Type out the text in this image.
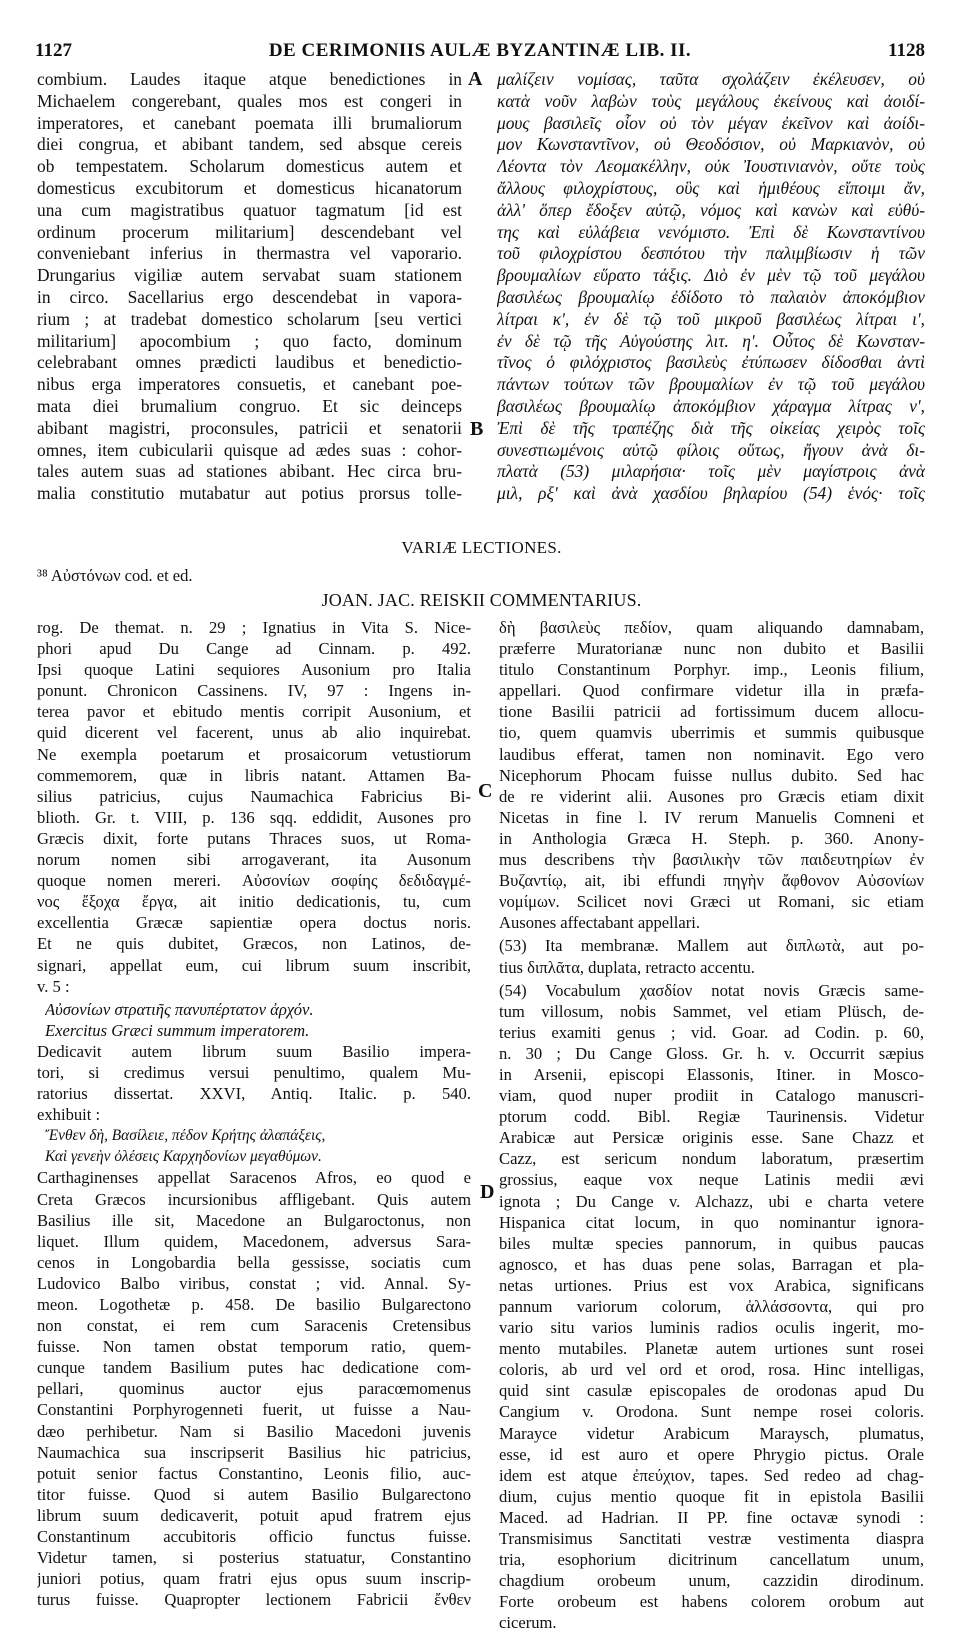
1127	DE CERIMONIIS AULÆ BYZANTINÆ LIB. II.	1128
combium. Laudes itaque atque benedictiones in
Michaelem congerebant, quales mos est congeri in
imperatores, et canebant poemata illi brumaliorum
diei congrua, et abibant tandem, sed absque cereis
ob tempestatem. Scholarum domesticus autem et
domesticus excubitorum et domesticus hicanatorum
una cum magistratibus quatuor tagmatum [id est
ordinum procerum militarium] descendebant vel
conveniebant inferius in thermastra vel vaporario.
Drungarius vigiliæ autem servabat suam stationem
in circo. Sacellarius ergo descendebat in vapora-
rium ; at tradebat domestico scholarum [seu vertici
militarium] apocombium ; quo facto, dominum
celebrabant omnes prædicti laudibus et benedictio-
nibus erga imperatores consuetis, et canebant poe-
mata diei brumalium congruo. Et sic deinceps
abibant magistri, proconsules, patricii et senatorii
omnes, item cubicularii quisque ad ædes suas : cohor-
tales autem suas ad stationes abibant. Hec circa bru-
malia constitutio mutabatur aut potius prorsus tolle-
μαλίζειν νομίσας, ταῦτα σχολάζειν ἐκέλευσεν, οὐ
κατὰ νοῦν λαβὼν τοὺς μεγάλους ἐκείνους καὶ ἀοιδί-
μους βασιλεῖς οἷον οὐ τὸν μέγαν ἐκεῖνον καὶ ἀοίδι-
μον Κωνσταντῖνον, οὐ Θεοδόσιον, οὐ Μαρκιανὸν, οὐ
Λέοντα τὸν Λεομακέλλην, οὐκ Ἰουστινιανὸν, οὔτε τοὺς
ἄλλους φιλοχρίστους, οὓς καὶ ἡμιθέους εἴποιμι ἄν,
ἀλλ' ὅπερ ἔδοξεν αὐτῷ, νόμος καὶ κανὼν καὶ εὐθύ-
της καὶ εὐλάβεια νενόμιστο. Ἐπὶ δὲ Κωνσταντίνου
τοῦ φιλοχρίστου δεσπότου τὴν παλιμβίωσιν ἡ τῶν
βρουμαλίων εὕρατο τάξις. Διὸ ἐν μὲν τῷ τοῦ μεγάλου
βασιλέως βρουμαλίῳ ἐδίδοτο τὸ παλαιὸν ἀποκόμβιον
λίτραι κʹ, ἐν δὲ τῷ τοῦ μικροῦ βασιλέως λίτραι ιʹ,
ἐν δὲ τῷ τῆς Αὐγούστης λιτ. ηʹ. Οὗτος δὲ Κωνσταν-
τῖνος ὁ φιλόχριστος βασιλεὺς ἐτύπωσεν δίδοσθαι ἀντὶ
πάντων τούτων τῶν βρουμαλίων ἐν τῷ τοῦ μεγάλου
βασιλέως βρουμαλίῳ ἀποκόμβιον χάραγμα λίτρας νʹ,
Ἐπὶ δὲ τῆς τραπέζης διὰ τῆς οἰκείας χειρὸς τοῖς
συνεστιωμένοις αὐτῷ φίλοις οὕτως, ἤγουν ἀνὰ δι-
πλατὰ (53) μιλαρήσια· τοῖς μὲν μαγίστροις ἀνὰ
μιλ, ρξʹ καὶ ἀνὰ χασδίου βηλαρίου (54) ἑνός· τοῖς
A
B
C
D
VARIÆ LECTIONES.
³⁸ Αὐστόνων cod. et ed.
JOAN. JAC. REISKII COMMENTARIUS.
rog. De themat. n. 29 ; Ignatius in Vita S. Nice-
phori apud Du Cange ad Cinnam. p. 492.
Ipsi quoque Latini sequiores Ausonium pro Italia
ponunt. Chronicon Cassinens. IV, 97 : Ingens in-
terea pavor et ebitudo mentis corripit Ausonium, et
quid dicerent vel facerent, unus ab alio inquirebat.
Ne exempla poetarum et prosaicorum vetustiorum
commemorem, quæ in libris natant. Attamen Ba-
silius patricius, cujus Naumachica Fabricius Bi-
blioth. Gr. t. VIII, p. 136 sqq. eddidit, Ausones pro
Græcis dixit, forte putans Thraces suos, ut Roma-
norum nomen sibi arrogaverant, ita Ausonum
quoque nomen mereri. Αὐσονίων σοφίης δεδιδαγμέ-
νος ἔξοχα ἔργα, ait initio dedicationis, tu, cum
excellentia Græcæ sapientiæ opera doctus noris.
Et ne quis dubitet, Græcos, non Latinos, de-
signari, appellat eum, cui librum suum inscribit,
v. 5 :
Αὐσονίων στρατιῆς πανυπέρτατον ἀρχόν.
Exercitus Græci summum imperatorem.
Dedicavit autem librum suum Basilio impera-
tori, si credimus versui penultimo, qualem Mu-
ratorius dissertat. XXVI, Antiq. Italic. p. 540.
exhibuit :
Ἔνθεν δὴ, Βασίλειε, πέδον Κρήτης ἀλαπάξεις,
Καὶ γενεὴν ὀλέσεις Καρχηδονίων μεγαθύμων.
Carthaginenses appellat Saracenos Afros, eo quod e
Creta Græcos incursionibus affligebant. Quis autem
Basilius ille sit, Macedone an Bulgaroctonus, non
liquet. Illum quidem, Macedonem, adversus Sara-
cenos in Longobardia bella gessisse, sociatis cum
Ludovico Balbo viribus, constat ; vid. Annal. Sy-
meon. Logothetæ p. 458. De basilio Bulgarectono
non constat, ei rem cum Saracenis Cretensibus
fuisse. Non tamen obstat temporum ratio, quem-
cunque tandem Basilium putes hac dedicatione com-
pellari, quominus auctor ejus paracœmomenus
Constantini Porphyrogenneti fuerit, ut fuisse a Nau-
dæo perhibetur. Nam si Basilio Macedoni juvenis
Naumachica sua inscripserit Basilius hic patricius,
potuit senior factus Constantino, Leonis filio, auc-
titor fuisse. Quod si autem Basilio Bulgarectono
librum suum dedicaverit, potuit apud fratrem ejus
Constantinum accubitoris officio functus fuisse.
Videtur tamen, si posterius statuatur, Constantino
juniori potius, quam fratri ejus opus suum inscrip-
turus fuisse. Quapropter lectionem Fabricii ἔνθεν
δὴ βασιλεὺς πεδίον, quam aliquando damnabam,
præferre Muratorianæ nunc non dubito et Basilii
titulo Constantinum Porphyr. imp., Leonis filium,
appellari. Quod confirmare videtur illa in præfa-
tione Basilii patricii ad fortissimum ducem allocu-
tio, quem quamvis uberrimis et summis quibusque
laudibus efferat, tamen non nominavit. Ego vero
Nicephorum Phocam fuisse nullus dubito. Sed hac
de re viderint alii. Ausones pro Græcis etiam dixit
Nicetas in fine l. IV rerum Manuelis Comneni et
in Anthologia Græca H. Steph. p. 360. Anony-
mus describens τὴν βασιλικὴν τῶν παιδευτηρίων ἐν
Βυζαντίῳ, ait, ibi effundi πηγὴν ἄφθονον Αὐσονίων
νομίμων. Scilicet novi Græci ut Romani, sic etiam
Ausones affectabant appellari.
(53) Ita membranæ. Mallem aut διπλωτὰ, aut po-
tius διπλᾶτα, duplata, retracto accentu.
(54) Vocabulum χασδίον notat novis Græcis same-
tum villosum, nobis Sammet, vel etiam Plüsch, de-
terius examiti genus ; vid. Goar. ad Codin. p. 60,
n. 30 ; Du Cange Gloss. Gr. h. v. Occurrit sæpius
in Arsenii, episcopi Elassonis, Itiner. in Mosco-
viam, quod nuper prodiit in Catalogo manuscri-
ptorum codd. Bibl. Regiæ Taurinensis. Videtur
Arabicæ aut Persicæ originis esse. Sane Chazz et
Cazz, est sericum nondum laboratum, præsertim
grossius, eaque vox neque Latinis medii ævi
ignota ; Du Cange v. Alchazz, ubi e charta vetere
Hispanica citat locum, in quo nominantur ignora-
biles multæ species pannorum, in quibus paucas
agnosco, et has duas pene solas, Barragan et pla-
netas urtiones. Prius est vox Arabica, significans
pannum variorum colorum, ἀλλάσσοντα, qui pro
vario situ varios luminis radios oculis ingerit, mo-
mento mutabiles. Planetæ autem urtiones sunt rosei
coloris, ab urd vel ord et orod, rosa. Hinc intelligas,
quid sint casulæ episcopales de orodonas apud Du
Cangium v. Orodona. Sunt nempe rosei coloris.
Marayce videtur Arabicum Maraysch, plumatus,
esse, id est auro et opere Phrygio pictus. Orale
idem est atque ἐπεύχιον, tapes. Sed redeo ad chag-
dium, cujus mentio quoque fit in epistola Basilii
Maced. ad Hadrian. II PP. fine octavæ synodi :
Transmisimus Sanctitati vestræ vestimenta diaspra
tria, esophorium dicitrinum cancellatum unum,
chagdium orobeum unum, cazzidin dirodinum.
Forte orobeum est habens colorem orobum aut
cicerum.
